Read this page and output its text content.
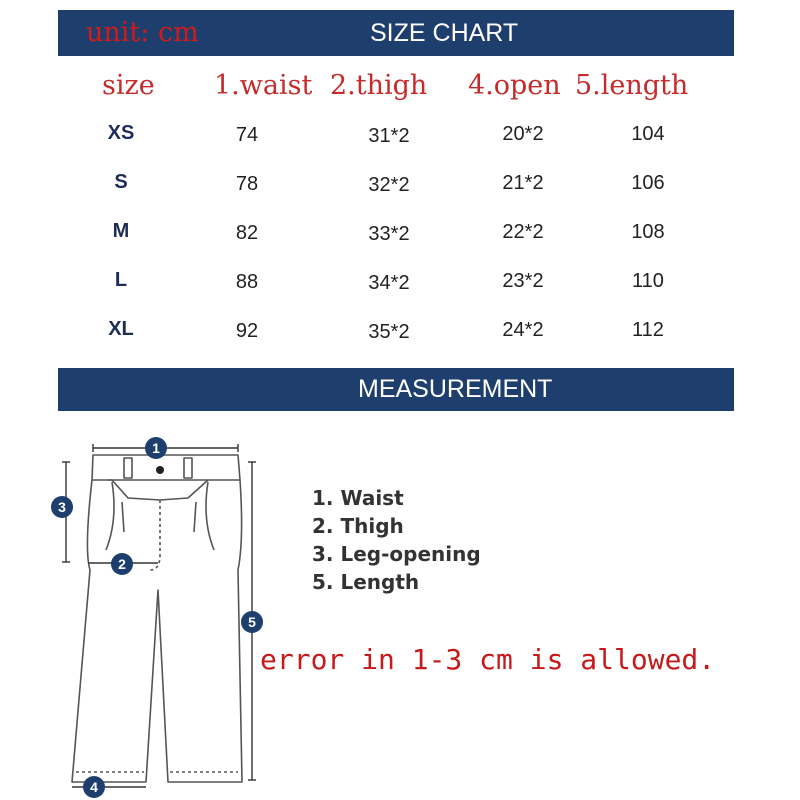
unit: cm	SIZE CHART
size 1.waist 2.thigh 4.open 5.length
XS	74	31*2	20*2	104
S	78	32*2	21*2	106
M	82	33*2	22*2	108
L	88	34*2	23*2	110
XL	92	35*2	24*2	112
MEASUREMENT
1
2
3
4
5
1. Waist
2. Thigh
3. Leg-opening
5. Length
error in 1-3 cm is allowed.
